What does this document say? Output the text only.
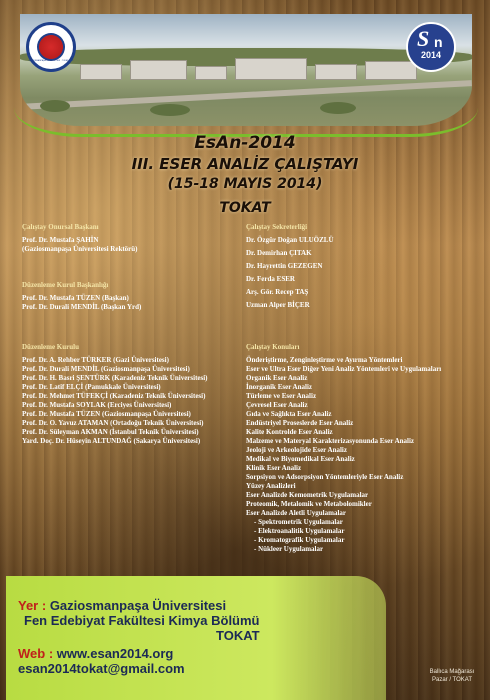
GAZİOSMANPAŞA ÜNİVERSİTESİ · TOKAT 1992
S n
2014
EsAn-2014
III. ESER ANALİZ ÇALIŞTAYI
(15-18 MAYIS 2014)
TOKAT
Çalıştay Onursal Başkanı
Prof. Dr. Mustafa ŞAHİN
(Gaziosmanpaşa Üniversitesi Rektörü)
Düzenleme Kurul Başkanlığı
Prof. Dr. Mustafa TÜZEN (Başkan)
Prof. Dr. Durali MENDİL (Başkan Yrd)
Düzenleme Kurulu
Prof. Dr. A. Rehber TÜRKER (Gazi Üniversitesi)
Prof. Dr. Durali MENDİL (Gaziosmanpaşa Üniversitesi)
Prof. Dr. H. Basri ŞENTÜRK (Karadeniz Teknik Üniversitesi)
Prof. Dr. Latif ELÇİ (Pamukkale Üniversitesi)
Prof. Dr. Mehmet TÜFEKÇİ (Karadeniz Teknik Üniversitesi)
Prof. Dr. Mustafa SOYLAK (Erciyes Üniversitesi)
Prof. Dr. Mustafa TÜZEN (Gaziosmanpaşa Üniversitesi)
Prof. Dr. O. Yavuz ATAMAN (Ortadoğu Teknik Üniversitesi)
Prof. Dr. Süleyman AKMAN (İstanbul Teknik Üniversitesi)
Yard. Doç. Dr. Hüseyin ALTUNDAĞ (Sakarya Üniversitesi)
Çalıştay Sekreterliği
Dr. Özgür Doğan ULUÖZLÜ
Dr. Demirhan ÇITAK
Dr. Hayrettin GEZEGEN
Dr. Ferda ESER
Arş. Gör. Recep TAŞ
Uzman Alper BİÇER
Çalıştay Konuları
Önderiştirme, Zenginleştirme ve Ayırma Yöntemleri
Eser ve Ultra Eser Diğer Yeni Analiz Yöntemleri ve Uygulamaları
Organik Eser Analiz
İnorganik Eser Analiz
Türleme ve Eser Analiz
Çevresel Eser Analiz
Gıda ve Sağlıkta Eser Analiz
Endüstriyel Proseslerde Eser Analiz
Kalite Kontrolde Eser Analiz
Malzeme ve Materyal Karakterizasyonunda Eser Analiz
Jeoloji ve Arkeolojide Eser Analiz
Medikal ve Biyomedikal Eser Analiz
Klinik Eser Analiz
Sorpsiyon ve Adsorpsiyon Yöntemleriyle Eser Analiz
Yüzey Analizleri
Eser Analizde Kemometrik Uygulamalar
Proteomik, Metalomik ve Metabolomikler
Eser Analizde Aletli Uygulamalar
- Spektrometrik Uygulamalar
- Elektroanalitik Uygulamalar
- Kromatografik Uygulamalar
- Nükleer Uygulamalar
Yer : Gaziosmanpaşa Üniversitesi
Fen Edebiyat Fakültesi Kimya Bölümü
TOKAT
Web : www.esan2014.org
esan2014tokat@gmail.com	Ballıca Mağarası
Pazar / TOKAT
